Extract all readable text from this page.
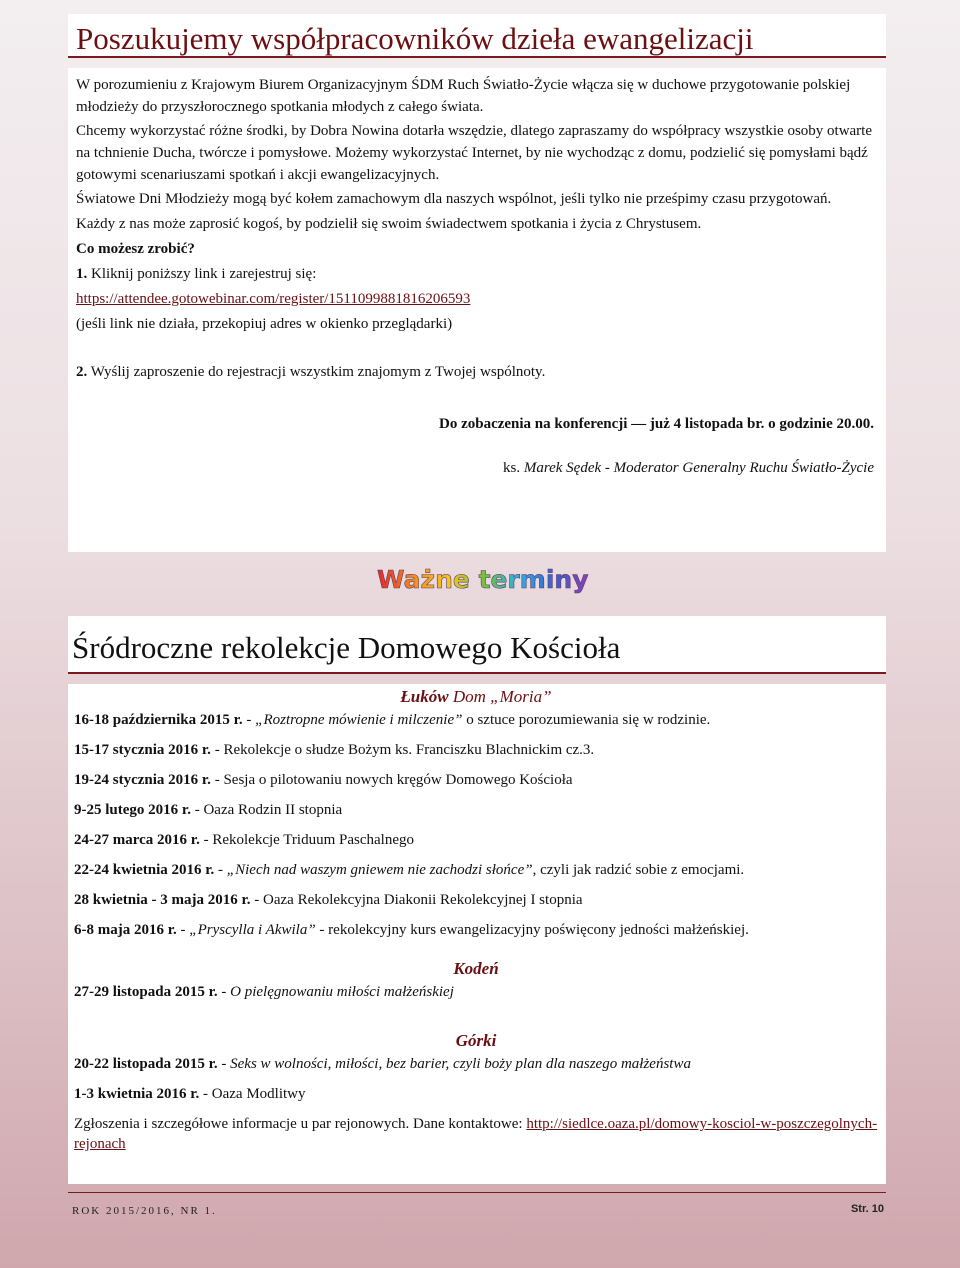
Poszukujemy współpracowników dzieła ewangelizacji

W porozumieniu z Krajowym Biurem Organizacyjnym ŚDM Ruch Światło-Życie włącza się w duchowe przygotowanie polskiej młodzieży do przyszłorocznego spotkania młodych z całego świata.

Chcemy wykorzystać różne środki, by Dobra Nowina dotarła wszędzie, dlatego zapraszamy do współpracy wszystkie osoby otwarte na tchnienie Ducha, twórcze i pomysłowe. Możemy wykorzystać Internet, by nie wychodząc z domu, podzielić się pomysłami bądź gotowymi scenariuszami spotkań i akcji ewangelizacyjnych.

Światowe Dni Młodzieży mogą być kołem zamachowym dla naszych wspólnot, jeśli tylko nie prześpimy czasu przygotowań.

Każdy z nas może zaprosić kogoś, by podzielił się swoim świadectwem spotkania i życia z Chrystusem.

Co możesz zrobić?

1. Kliknij poniższy link i zarejestruj się:

https://attendee.gotowebinar.com/register/1511099881816206593

(jeśli link nie działa, przekopiuj adres w okienko przeglądarki)

2. Wyślij zaproszenie do rejestracji wszystkim znajomym z Twojej wspólnoty.

Do zobaczenia na konferencji — już 4 listopada br. o godzinie 20.00.

ks. Marek Sędek - Moderator Generalny Ruchu Światło-Życie

Ważne terminy
Śródroczne rekolekcje Domowego Kościoła

Łuków Dom „Moria”

16-18 października 2015 r. - „Roztropne mówienie i milczenie” o sztuce porozumiewania się w rodzinie.

15-17 stycznia 2016 r. - Rekolekcje o słudze Bożym ks. Franciszku Blachnickim cz.3.

19-24 stycznia 2016 r. - Sesja o pilotowaniu nowych kręgów Domowego Kościoła

9-25 lutego 2016 r. - Oaza Rodzin II stopnia

24-27 marca 2016 r. - Rekolekcje Triduum Paschalnego

22-24 kwietnia 2016 r. - „Niech nad waszym gniewem nie zachodzi słońce”, czyli jak radzić sobie z emocjami.

28 kwietnia - 3 maja 2016 r. - Oaza Rekolekcyjna Diakonii Rekolekcyjnej I stopnia

6-8 maja 2016 r. - „Pryscylla i Akwila” - rekolekcyjny kurs ewangelizacyjny poświęcony jedności małżeńskiej.

Kodeń

27-29 listopada 2015 r. - O pielęgnowaniu miłości małżeńskiej

Górki

20-22 listopada 2015 r. - Seks w wolności, miłości, bez barier, czyli boży plan dla naszego małżeństwa

1-3 kwietnia 2016 r. - Oaza Modlitwy

Zgłoszenia i szczegółowe informacje u par rejonowych. Dane kontaktowe: http://siedlce.oaza.pl/domowy-kosciol-w-poszczegolnych-rejonach

ROK 2015/2016, NR 1.	Str. 10
